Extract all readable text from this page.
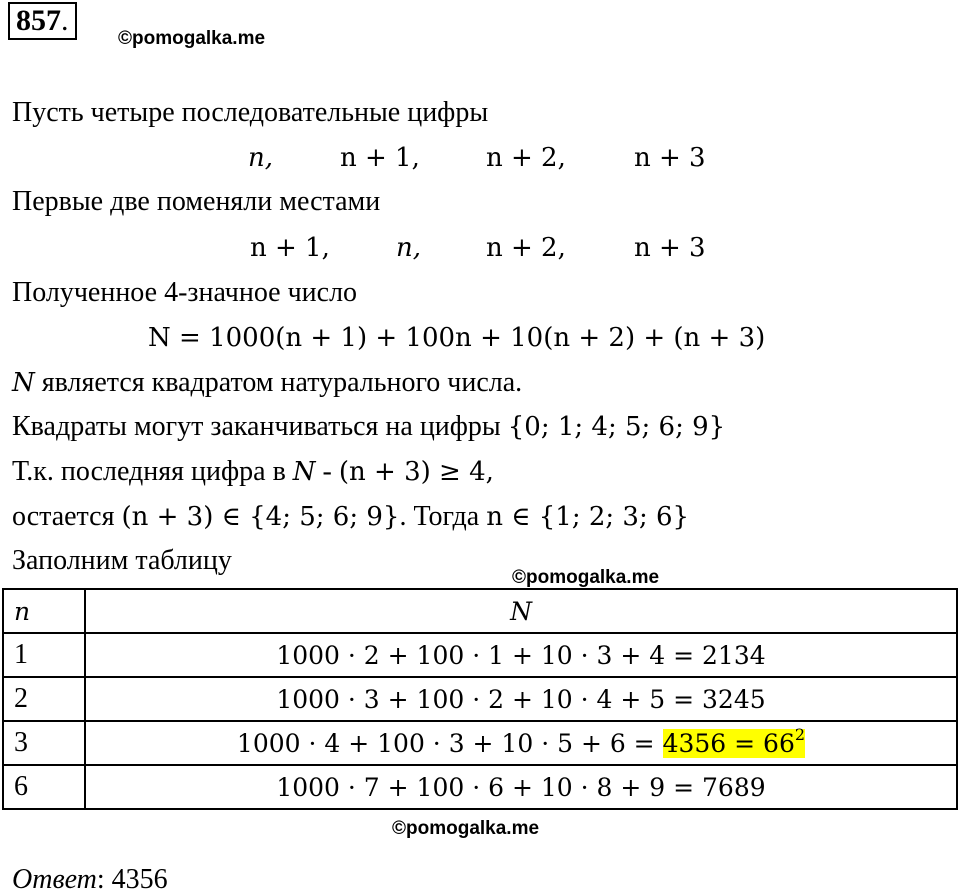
857.
©pomogalka.me
Пусть четыре последовательные цифры
n,	n + 1,	n + 2,	n + 3
Первые две поменяли местами
n + 1,	n, n + 2,	n + 3
Полученное 4-значное число
N = 1000(n + 1) + 100n + 10(n + 2) + (n + 3)
N является квадратом натурального числа.
Квадраты могут заканчиваться на цифры {0; 1; 4; 5; 6; 9}
Т.к. последняя цифра в N - (n + 3) ≥ 4,
остается (n + 3) ∈ {4; 5; 6; 9}. Тогда n ∈ {1; 2; 3; 6}
Заполним таблицу
©pomogalka.me
n	N
1	1000 · 2 + 100 · 1 + 10 · 3 + 4 = 2134
2	1000 · 3 + 100 · 2 + 10 · 4 + 5 = 3245
3	$1000 \cdot 4 + 100 \cdot 3 + 10 \cdot 5 + 6 = 4356 = 66^2$
6	1000 · 7 + 100 · 6 + 10 · 8 + 9 = 7689
©pomogalka.me
Ответ: 4356
